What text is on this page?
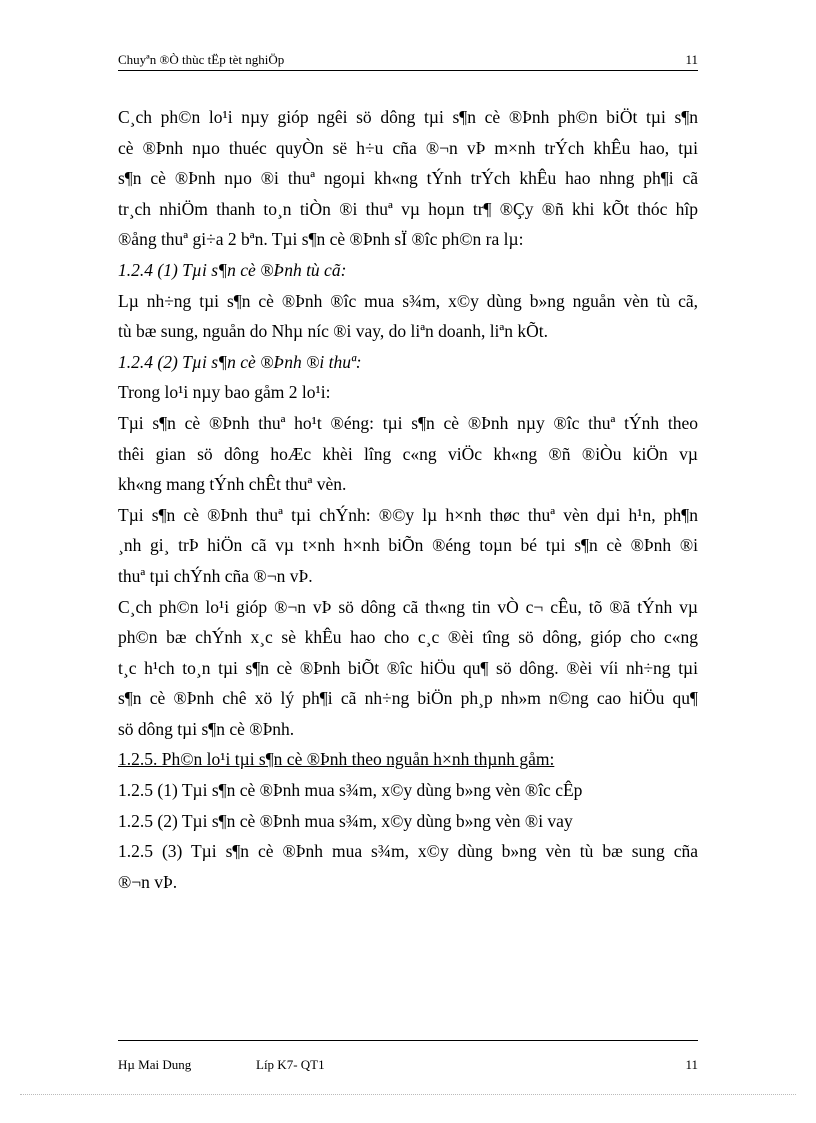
Chuyªn ®Ò thùc tËp tèt nghiÖp	11
C¸ch ph©n lo¹i nµy gióp ngêi sö dông tµi s¶n cè ®Þnh ph©n biÖt tµi s¶n
cè ®Þnh nµo thuéc quyÒn së h÷u cña ®¬n vÞ m×nh trÝch khÊu hao, tµi
s¶n cè ®Þnh nµo ®i thuª ngoµi kh«ng tÝnh trÝch khÊu hao nhng ph¶i cã
tr¸ch nhiÖm thanh to¸n tiÒn ®i thuª vµ hoµn tr¶ ®Çy ®ñ khi kÕt thóc hîp
®ång thuª gi÷a 2 bªn. Tµi s¶n cè ®Þnh sÏ ®îc ph©n ra lµ:
1.2.4 (1) Tµi s¶n cè ®Þnh tù cã:
Lµ nh÷ng tµi s¶n cè ®Þnh ®îc mua s¾m, x©y dùng b»ng nguån vèn tù cã,
tù bæ sung, nguån do Nhµ níc ®i vay, do liªn doanh, liªn kÕt.
1.2.4 (2) Tµi s¶n cè ®Þnh ®i thuª:
Trong lo¹i nµy bao gåm 2 lo¹i:
Tµi s¶n cè ®Þnh thuª ho¹t ®éng: tµi s¶n cè ®Þnh nµy ®îc thuª tÝnh theo
thêi gian sö dông hoÆc khèi lîng c«ng viÖc kh«ng ®ñ ®iÒu kiÖn vµ
kh«ng mang tÝnh chÊt thuª vèn.
Tµi s¶n cè ®Þnh thuª tµi chÝnh: ®©y lµ h×nh thøc thuª vèn dµi h¹n, ph¶n
¸nh gi¸ trÞ hiÖn cã vµ t×nh h×nh biÕn ®éng toµn bé tµi s¶n cè ®Þnh ®i
thuª tµi chÝnh cña ®¬n vÞ.
C¸ch ph©n lo¹i gióp ®¬n vÞ sö dông cã th«ng tin vÒ c¬ cÊu, tõ ®ã tÝnh vµ
ph©n bæ chÝnh x¸c sè khÊu hao cho c¸c ®èi tîng sö dông, gióp cho c«ng
t¸c h¹ch to¸n tµi s¶n cè ®Þnh biÕt ®îc hiÖu qu¶ sö dông. ®èi víi nh÷ng tµi
s¶n cè ®Þnh chê xö lý ph¶i cã nh÷ng biÖn ph¸p nh»m n©ng cao hiÖu qu¶
sö dông tµi s¶n cè ®Þnh.
1.2.5. Ph©n lo¹i tµi s¶n cè ®Þnh theo nguån h×nh thµnh gåm:
1.2.5 (1) Tµi s¶n cè ®Þnh mua s¾m, x©y dùng b»ng vèn ®îc cÊp
1.2.5 (2) Tµi s¶n cè ®Þnh mua s¾m, x©y dùng b»ng vèn ®i vay
1.2.5 (3) Tµi s¶n cè ®Þnh mua s¾m, x©y dùng b»ng vèn tù bæ sung cña
®¬n vÞ.
Hµ Mai Dung	Líp K7- QT1	11
